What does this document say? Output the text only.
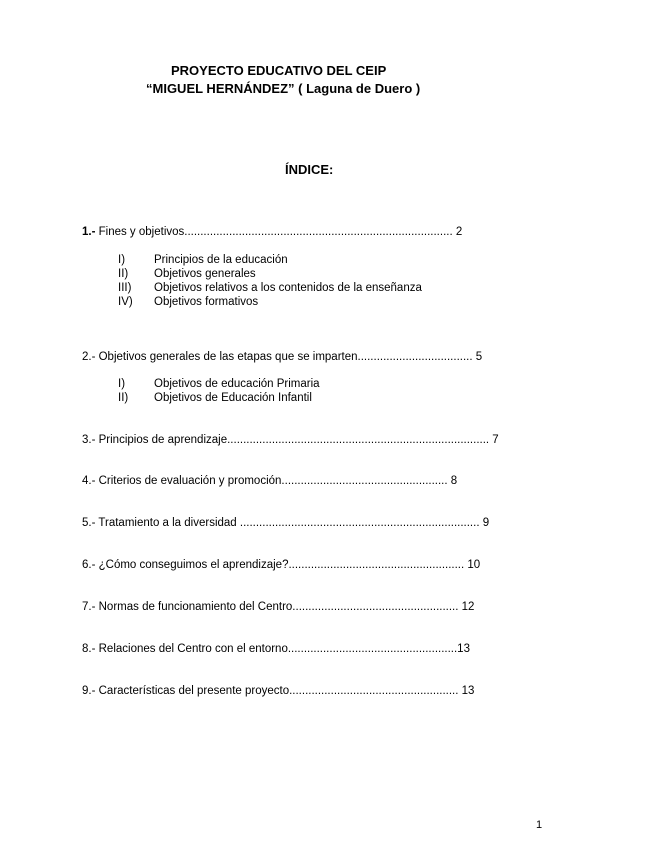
PROYECTO EDUCATIVO DEL CEIP
“MIGUEL HERNÁNDEZ” ( Laguna de Duero )
ÍNDICE:
1.- Fines y objetivos.................................................................................... 2
I)	Principios de la educación
II) Objetivos generales
III) Objetivos relativos a los contenidos de la enseñanza
IV) Objetivos formativos
2.- Objetivos generales de las etapas que se imparten.................................... 5
I)	Objetivos de educación Primaria
II) Objetivos de Educación Infantil
3.- Principios de aprendizaje.................................................................................. 7
4.- Criterios de evaluación y promoción.................................................... 8
5.- Tratamiento a la diversidad ........................................................................... 9
6.- ¿Cómo conseguimos el aprendizaje?....................................................... 10
7.- Normas de funcionamiento del Centro.................................................... 12
8.- Relaciones del Centro con el entorno.....................................................13
9.- Características del presente proyecto..................................................... 13
1
